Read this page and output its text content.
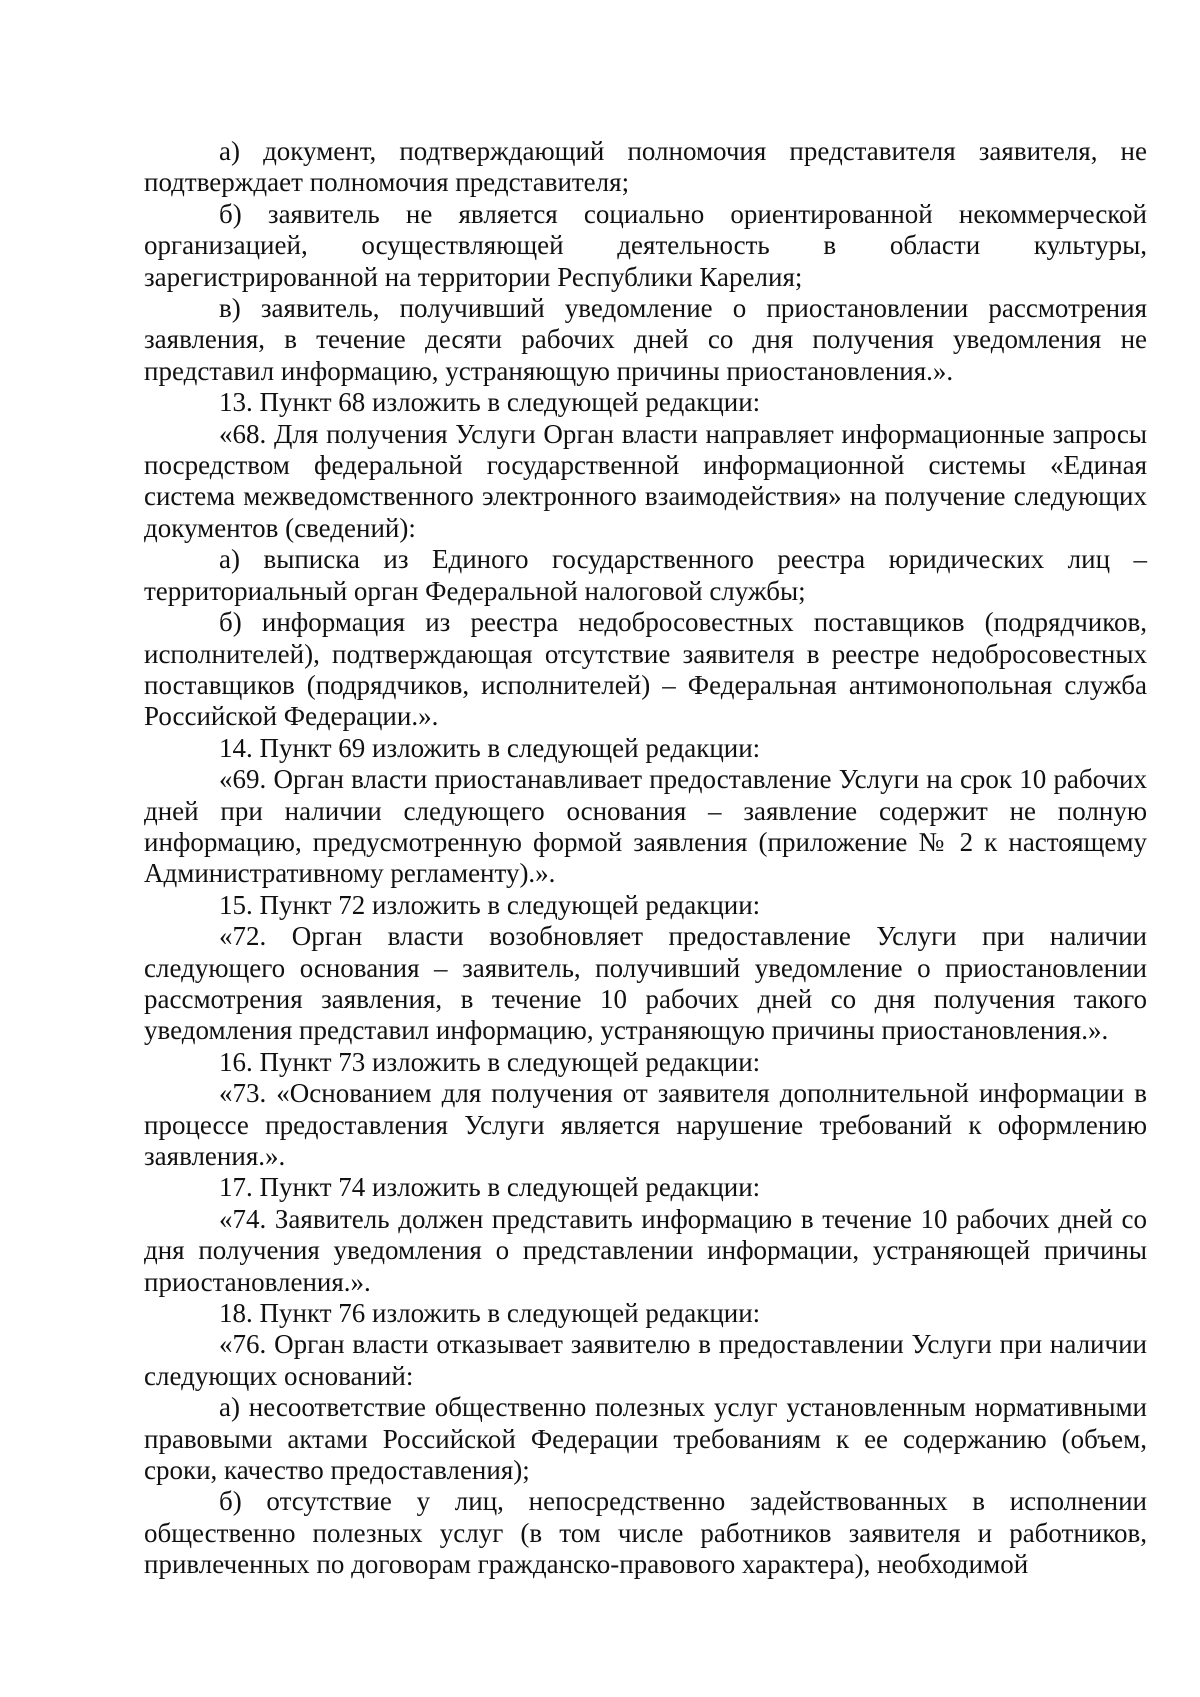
а) документ, подтверждающий полномочия представителя заявителя, не подтверждает полномочия представителя;

б) заявитель не является социально ориентированной некоммерческой организацией, осуществляющей деятельность в области культуры, зарегистрированной на территории Республики Карелия;

в) заявитель, получивший уведомление о приостановлении рассмотрения заявления, в течение десяти рабочих дней со дня получения уведомления не представил информацию, устраняющую причины приостановления.».

13. Пункт 68 изложить в следующей редакции:

«68. Для получения Услуги Орган власти направляет информационные запросы посредством федеральной государственной информационной системы «Единая система межведомственного электронного взаимодействия» на получение следующих документов (сведений):

а) выписка из Единого государственного реестра юридических лиц – территориальный орган Федеральной налоговой службы;

б) информация из реестра недобросовестных поставщиков (подрядчиков, исполнителей), подтверждающая отсутствие заявителя в реестре недобросовестных поставщиков (подрядчиков, исполнителей) – Федеральная антимонопольная служба Российской Федерации.».

14. Пункт 69 изложить в следующей редакции:

«69. Орган власти приостанавливает предоставление Услуги на срок 10 рабочих дней при наличии следующего основания – заявление содержит не полную информацию, предусмотренную формой заявления (приложение № 2 к настоящему Административному регламенту).».

15. Пункт 72 изложить в следующей редакции:

«72. Орган власти возобновляет предоставление Услуги при наличии следующего основания – заявитель, получивший уведомление о приостановлении рассмотрения заявления, в течение 10 рабочих дней со дня получения такого уведомления представил информацию, устраняющую причины приостановления.».

16. Пункт 73 изложить в следующей редакции:

«73. «Основанием для получения от заявителя дополнительной информации в процессе предоставления Услуги является нарушение требований к оформлению заявления.».

17. Пункт 74 изложить в следующей редакции:

«74. Заявитель должен представить информацию в течение 10 рабочих дней со дня получения уведомления о представлении информации, устраняющей причины приостановления.».

18. Пункт 76 изложить в следующей редакции:

«76. Орган власти отказывает заявителю в предоставлении Услуги при наличии следующих оснований:

а) несоответствие общественно полезных услуг установленным нормативными правовыми актами Российской Федерации требованиям к ее содержанию (объем, сроки, качество предоставления);

б) отсутствие у лиц, непосредственно задействованных в исполнении общественно полезных услуг (в том числе работников заявителя и работников, привлеченных по договорам гражданско-правового характера), необходимой
